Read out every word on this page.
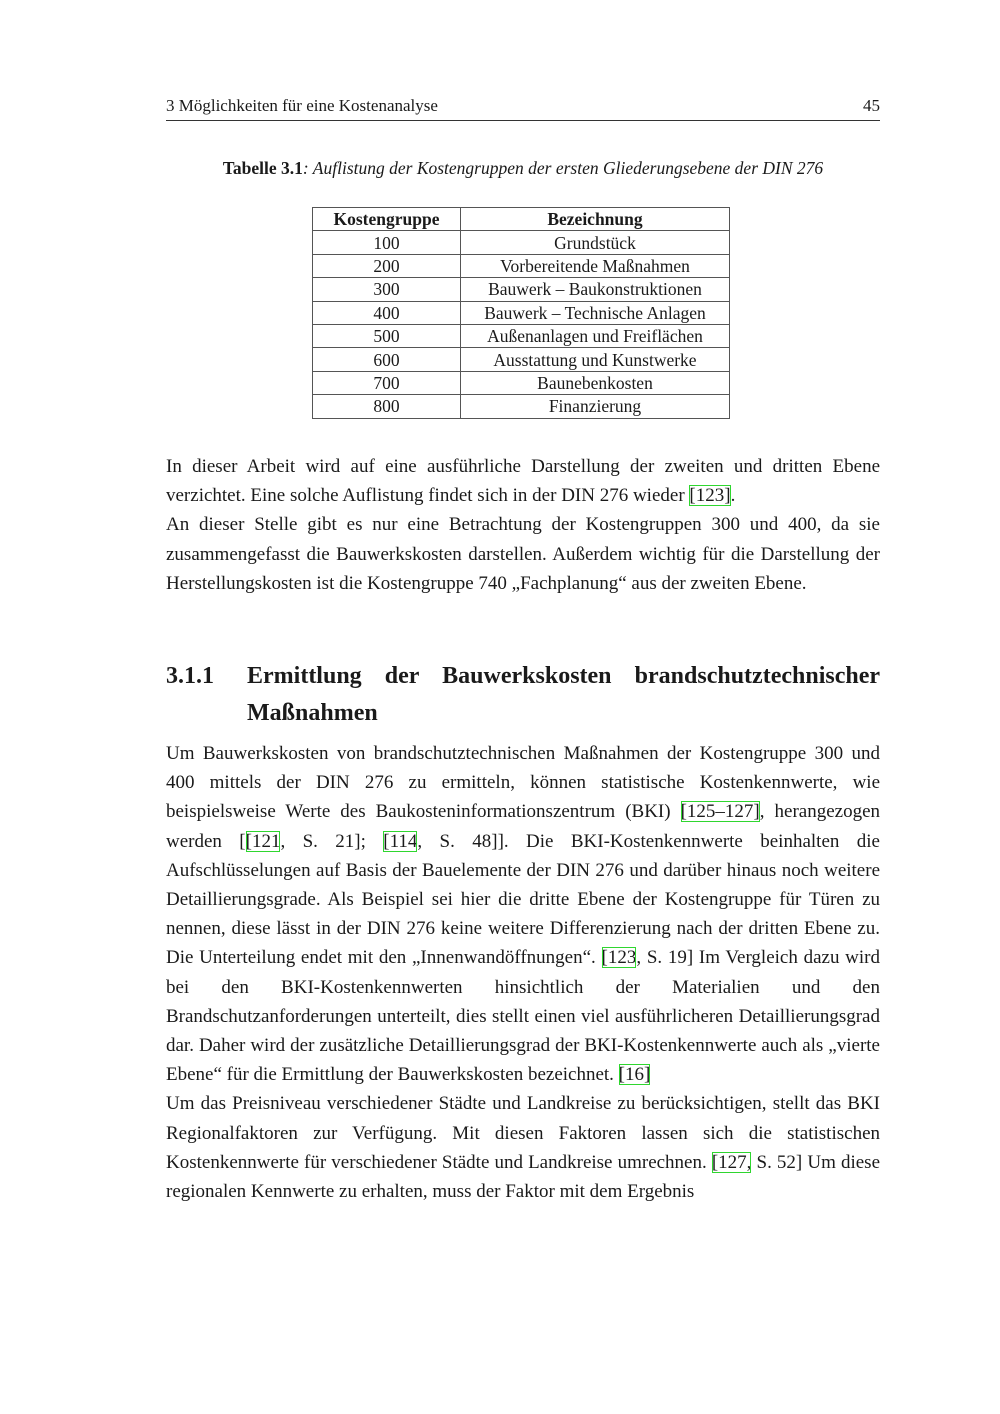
3 Möglichkeiten für eine Kostenanalyse	45
Tabelle 3.1: Auflistung der Kostengruppen der ersten Gliederungsebene der DIN 276
Kostengruppe	Bezeichnung
100	Grundstück
200	Vorbereitende Maßnahmen
300	Bauwerk – Baukonstruktionen
400	Bauwerk – Technische Anlagen
500	Außenanlagen und Freiflächen
600	Ausstattung und Kunstwerke
700	Baunebenkosten
800	Finanzierung

In dieser Arbeit wird auf eine ausführliche Darstellung der zweiten und dritten Ebene verzichtet. Eine solche Auflistung findet sich in der DIN 276 wieder [123].

An dieser Stelle gibt es nur eine Betrachtung der Kostengruppen 300 und 400, da sie zusammengefasst die Bauwerkskosten darstellen. Außerdem wichtig für die Darstellung der Herstellungskosten ist die Kostengruppe 740 „Fachplanung“ aus der zweiten Ebene.

3.1.1 Ermittlung der Bauwerkskosten brandschutztechnischer Maßnahmen

Um Bauwerkskosten von brandschutztechnischen Maßnahmen der Kostengruppe 300 und 400 mittels der DIN 276 zu ermitteln, können statistische Kostenkennwerte, wie beispielsweise Werte des Baukosteninformationszentrum (BKI) [125–127], herangezogen werden [[121, S. 21]; [114, S. 48]]. Die BKI-Kostenkennwerte beinhalten die Aufschlüsselungen auf Basis der Bauelemente der DIN 276 und darüber hinaus noch weitere Detaillierungsgrade. Als Beispiel sei hier die dritte Ebene der Kostengruppe für Türen zu nennen, diese lässt in der DIN 276 keine weitere Differenzierung nach der dritten Ebene zu. Die Unterteilung endet mit den „Innenwandöffnungen“. [123, S. 19] Im Vergleich dazu wird bei den BKI-Kostenkennwerten hinsichtlich der Materialien und den Brandschutzanforderungen unterteilt, dies stellt einen viel ausführlicheren Detaillierungsgrad dar. Daher wird der zusätzliche Detaillierungsgrad der BKI-Kostenkennwerte auch als „vierte Ebene“ für die Ermittlung der Bauwerkskosten bezeichnet. [16]

Um das Preisniveau verschiedener Städte und Landkreise zu berücksichtigen, stellt das BKI Regionalfaktoren zur Verfügung. Mit diesen Faktoren lassen sich die statistischen Kostenkennwerte für verschiedener Städte und Landkreise umrechnen. [127, S. 52] Um diese regionalen Kennwerte zu erhalten, muss der Faktor mit dem Ergebnis
